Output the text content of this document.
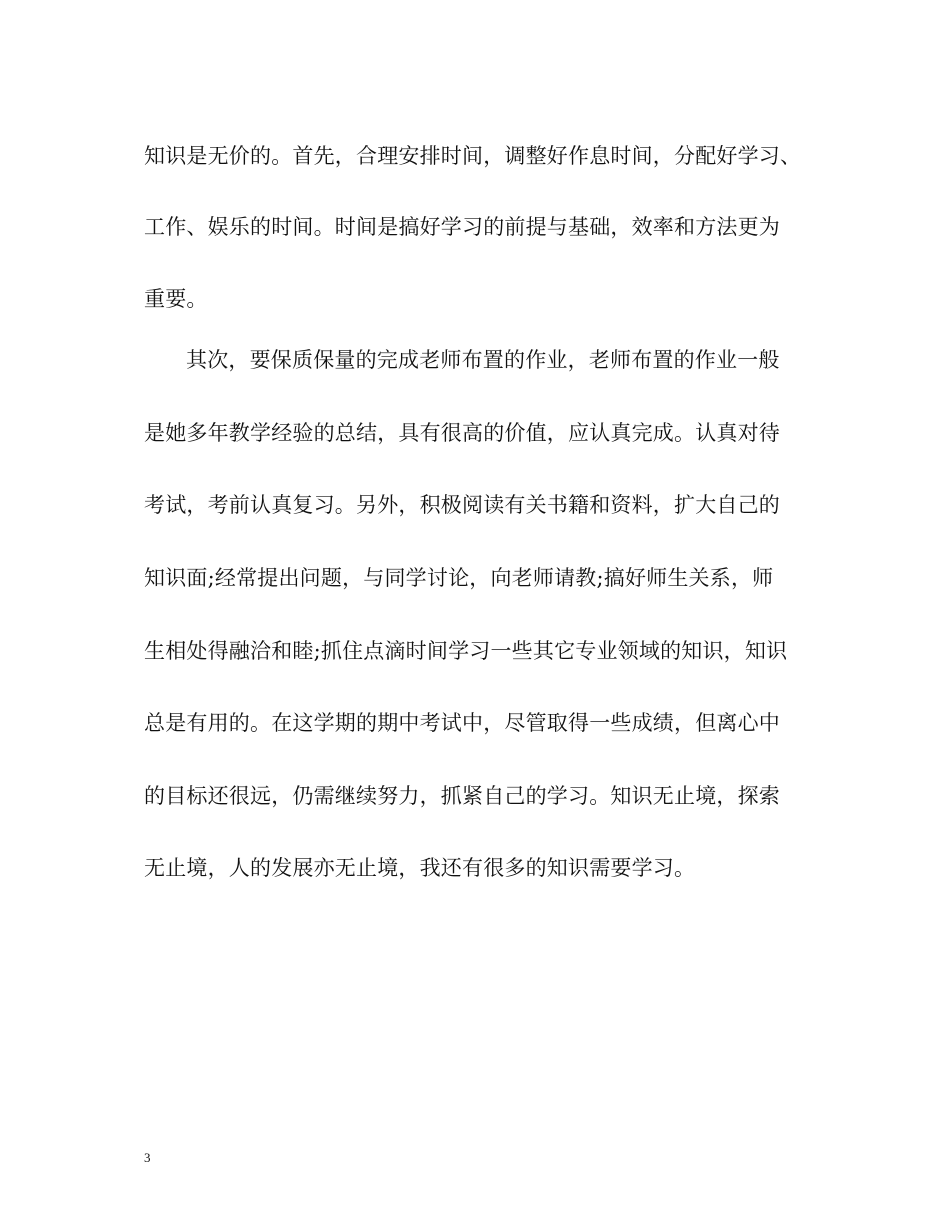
知识是无价的。首先，合理安排时间，调整好作息时间，分配好学习、
工作、娱乐的时间。时间是搞好学习的前提与基础，效率和方法更为
重要。
其次，要保质保量的完成老师布置的作业，老师布置的作业一般
是她多年教学经验的总结，具有很高的价值，应认真完成。认真对待
考试，考前认真复习。另外，积极阅读有关书籍和资料，扩大自己的
知识面;经常提出问题，与同学讨论，向老师请教;搞好师生关系，师
生相处得融洽和睦;抓住点滴时间学习一些其它专业领域的知识，知识
总是有用的。在这学期的期中考试中，尽管取得一些成绩，但离心中
的目标还很远，仍需继续努力，抓紧自己的学习。知识无止境，探索
无止境，人的发展亦无止境，我还有很多的知识需要学习。
3
